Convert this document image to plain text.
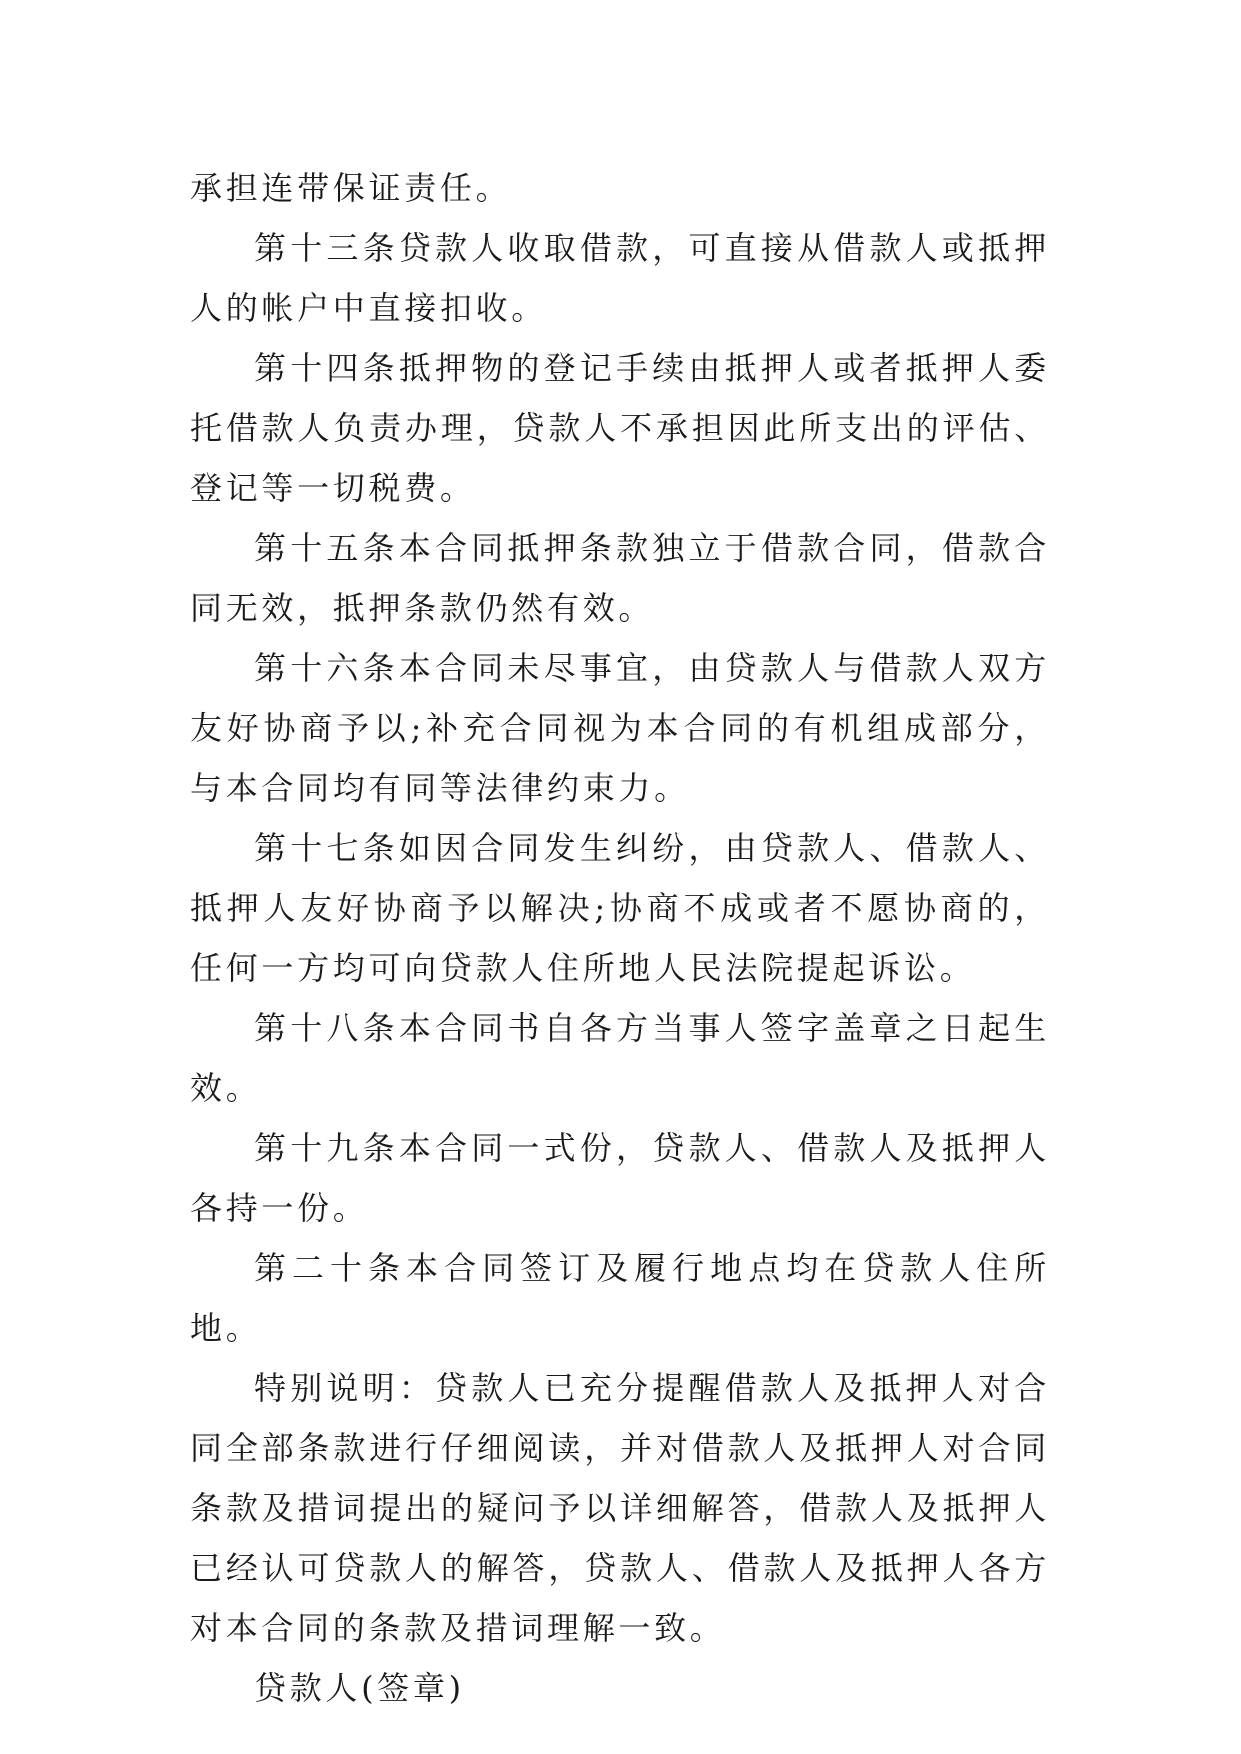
承担连带保证责任。

第十三条贷款人收取借款，可直接从借款人或抵押人的帐户中直接扣收。

第十四条抵押物的登记手续由抵押人或者抵押人委托借款人负责办理，贷款人不承担因此所支出的评估、登记等一切税费。

第十五条本合同抵押条款独立于借款合同，借款合同无效，抵押条款仍然有效。

第十六条本合同未尽事宜，由贷款人与借款人双方友好协商予以;补充合同视为本合同的有机组成部分，与本合同均有同等法律约束力。

第十七条如因合同发生纠纷，由贷款人、借款人、抵押人友好协商予以解决;协商不成或者不愿协商的，任何一方均可向贷款人住所地人民法院提起诉讼。

第十八条本合同书自各方当事人签字盖章之日起生效。

第十九条本合同一式份，贷款人、借款人及抵押人各持一份。

第二十条本合同签订及履行地点均在贷款人住所地。

特别说明：贷款人已充分提醒借款人及抵押人对合同全部条款进行仔细阅读，并对借款人及抵押人对合同条款及措词提出的疑问予以详细解答，借款人及抵押人已经认可贷款人的解答，贷款人、借款人及抵押人各方对本合同的条款及措词理解一致。

贷款人(签章)
